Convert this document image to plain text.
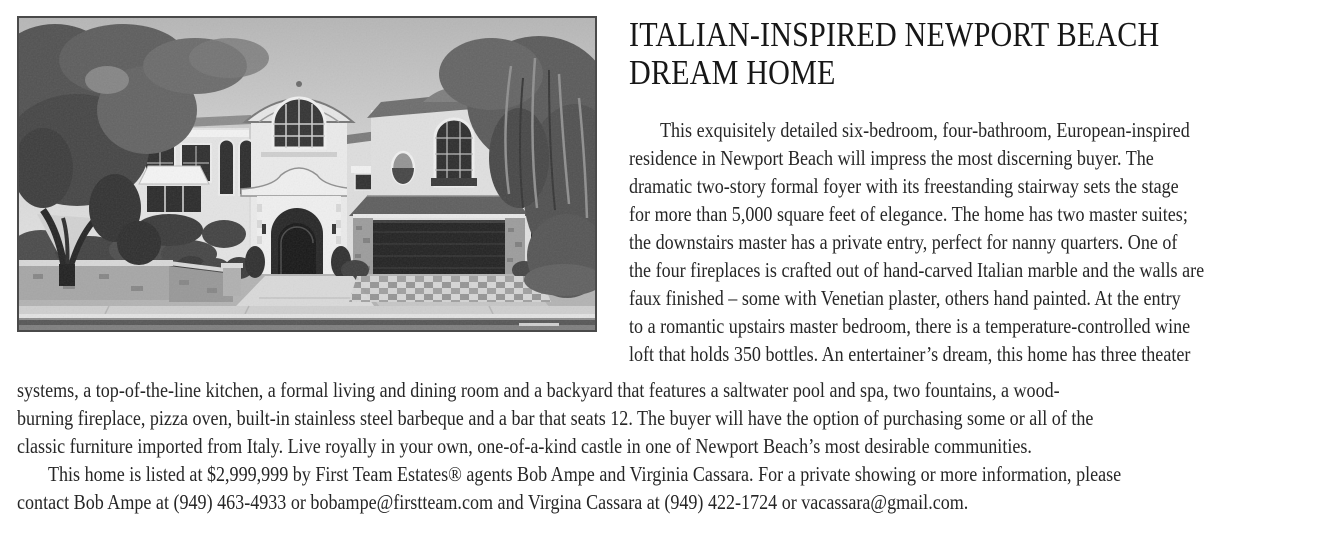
ITALIAN-INSPIRED NEWPORT BEACH
DREAM HOME
This exquisitely detailed six-bedroom, four-bathroom, European-inspired
residence in Newport Beach will impress the most discerning buyer. The
dramatic two-story formal foyer with its freestanding stairway sets the stage
for more than 5,000 square feet of elegance. The home has two master suites;
the downstairs master has a private entry, perfect for nanny quarters. One of
the four fireplaces is crafted out of hand-carved Italian marble and the walls are
faux finished – some with Venetian plaster, others hand painted. At the entry
to a romantic upstairs master bedroom, there is a temperature-controlled wine
loft that holds 350 bottles. An entertainer’s dream, this home has three theater
systems, a top-of-the-line kitchen, a formal living and dining room and a backyard that features a saltwater pool and spa, two fountains, a wood-
burning fireplace, pizza oven, built-in stainless steel barbeque and a bar that seats 12. The buyer will have the option of purchasing some or all of the
classic furniture imported from Italy. Live royally in your own, one-of-a-kind castle in one of Newport Beach’s most desirable communities.
This home is listed at $2,999,999 by First Team Estates® agents Bob Ampe and Virginia Cassara. For a private showing or more information, please
contact Bob Ampe at (949) 463-4933 or bobampe@firstteam.com and Virgina Cassara at (949) 422-1724 or vacassara@gmail.com.
